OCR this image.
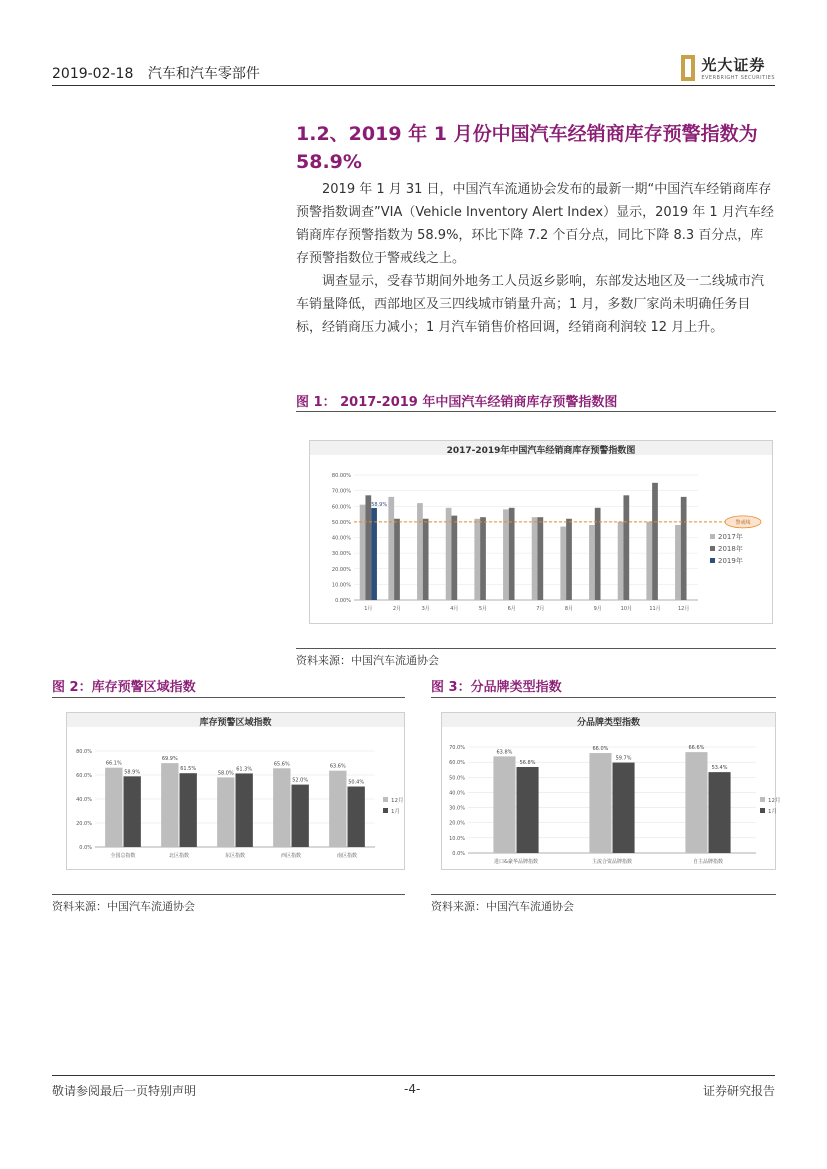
2019-02-18 汽车和汽车零部件	光大证券
EVERBRIGHT SECURITIES
1.2、2019 年 1 月份中国汽车经销商库存预警指数为 58.9%
2019 年 1 月 31 日，中国汽车流通协会发布的最新一期“中国汽车经销商库存预警指数调查”VIA（Vehicle Inventory Alert Index）显示，2019 年 1 月汽车经销商库存预警指数为 58.9%，环比下降 7.2 个百分点，同比下降 8.3 百分点，库存预警指数位于警戒线之上。
调查显示，受春节期间外地务工人员返乡影响，东部发达地区及一二线城市汽车销量降低，西部地区及三四线城市销量升高；1 月，多数厂家尚未明确任务目标，经销商压力减小；1 月汽车销售价格回调，经销商利润较 12 月上升。
图 1： 2017-2019 年中国汽车经销商库存预警指数图
2017-2019年中国汽车经销商库存预警指数图
0.00%
10.00%
20.00%
30.00%
40.00%
50.00%
60.00%
70.00%
80.00%
1月	2月	3月	4月	5月	6月	7月	8月	9月	10月	11月	12月
警戒线
58.9%
2017年
2018年
2019年
资料来源：中国汽车流通协会
图 2：库存预警区域指数
库存预警区域指数
0.0%
20.0%
40.0%
60.0%
80.0%
66.1%
58.9%
全国总指数
69.9%
61.5%
北区指数
58.0%
61.3%
东区指数
65.6%
52.0%
西区指数
63.6%
50.4%
南区指数
12月
1月
资料来源：中国汽车流通协会
图 3：分品牌类型指数
分品牌类型指数
0.0%
10.0%
20.0%
30.0%
40.0%
50.0%
60.0%
70.0%
63.8%
56.8%
进口&豪华品牌指数
66.0%
59.7%
主流合资品牌指数
66.6%
53.4%
自主品牌指数
12月
1月
资料来源：中国汽车流通协会
敬请参阅最后一页特别声明	-4-	证券研究报告
